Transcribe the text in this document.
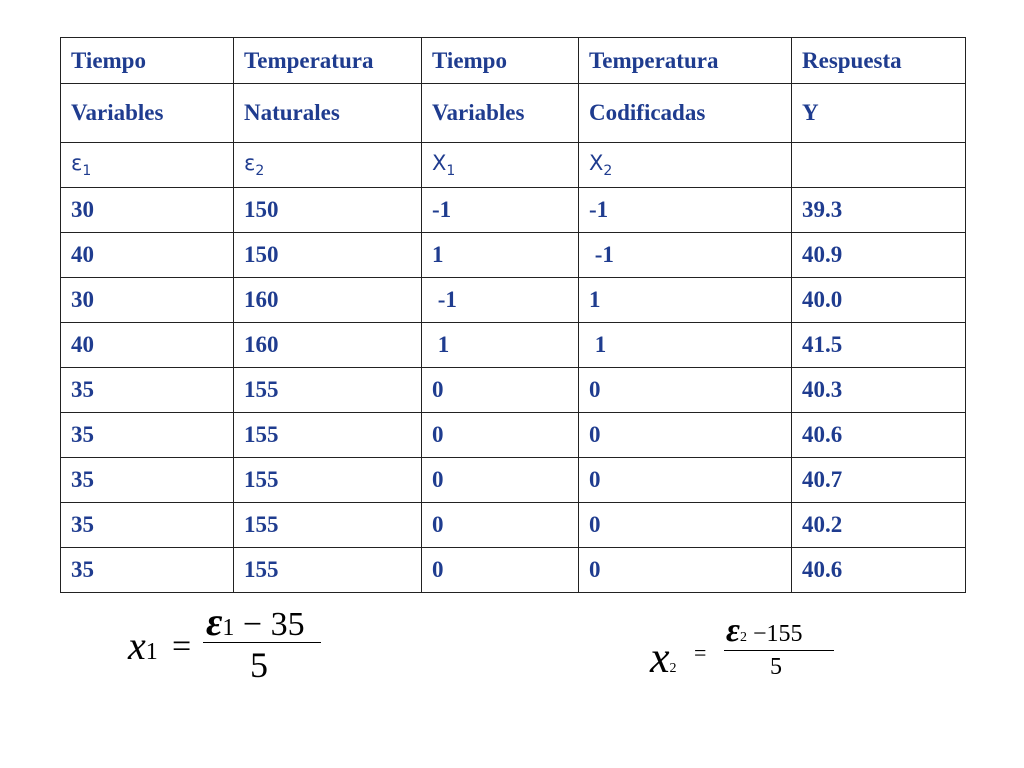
Tiempo	Temperatura	Tiempo	Temperatura	Respuesta
Variables	Naturales	Variables	Codificadas	Y
$\varepsilon_1$	$\varepsilon_2$	$X_1$	$X_2$	
30	150	-1	-1	39.3
40	150	1	-1	40.9
30	160	-1	1	40.0
40	160	1	1	41.5
35	155	0	0	40.3
35	155	0	0	40.6
35	155	0	0	40.7
35	155	0	0	40.2
35	155	0	0	40.6
x1 =
ε1 − 35
5	x2
=
ε2 −155
5
